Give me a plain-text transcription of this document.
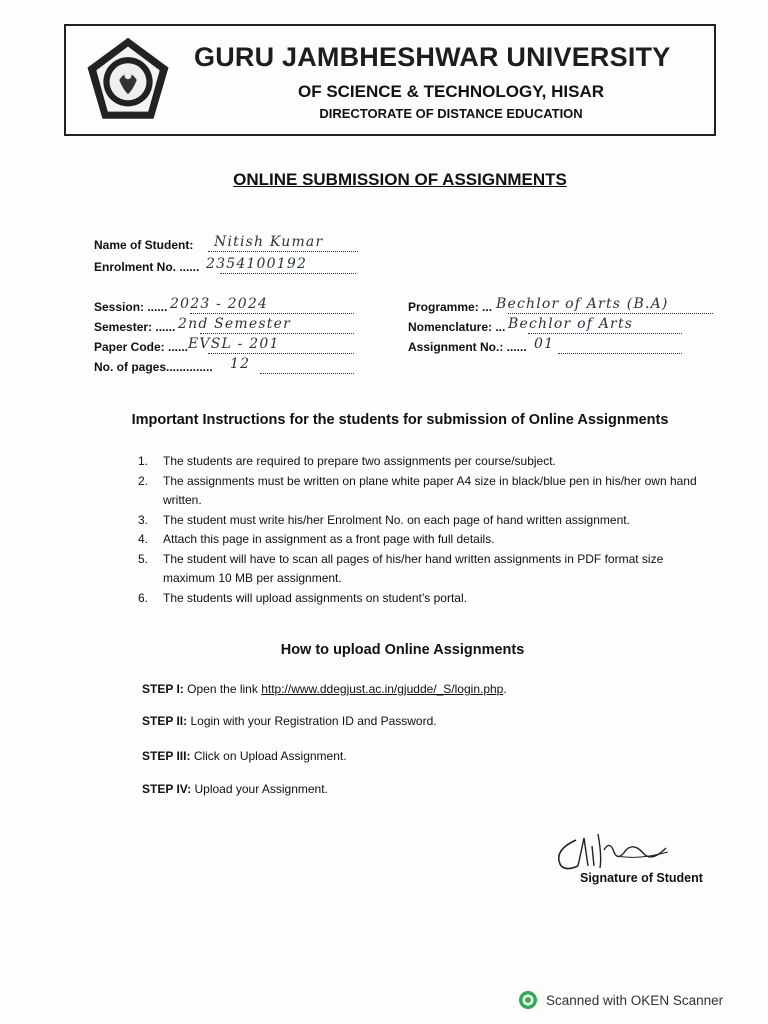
GURU JAMBHESHWAR UNIVERSITY
OF SCIENCE & TECHNOLOGY, HISAR
DIRECTORATE OF DISTANCE EDUCATION
ONLINE SUBMISSION OF ASSIGNMENTS
Name of Student: Nitish Kumar
Enrolment No. ...... 2354100192
Session: ...... 2023 - 2024
Semester: ...... 2nd Semester
Paper Code: ...... EVSL - 201
No. of pages.............. 12
Programme: ... Bechlor of Arts (B.A)
Nomenclature: ... Bechlor of Arts
Assignment No.: ...... 01
Important Instructions for the students for submission of Online Assignments
1. The students are required to prepare two assignments per course/subject.
2. The assignments must be written on plane white paper A4 size in black/blue pen in his/her own hand written.
3. The student must write his/her Enrolment No. on each page of hand written assignment.
4. Attach this page in assignment as a front page with full details.
5. The student will have to scan all pages of his/her hand written assignments in PDF format size maximum 10 MB per assignment.
6. The students will upload assignments on student’s portal.
How to upload Online Assignments
STEP I: Open the link http://www.ddegjust.ac.in/gjudde/_S/login.php.
STEP II: Login with your Registration ID and Password.
STEP III: Click on Upload Assignment.
STEP IV: Upload your Assignment.
Signature of Student
Scanned with OKEN Scanner
